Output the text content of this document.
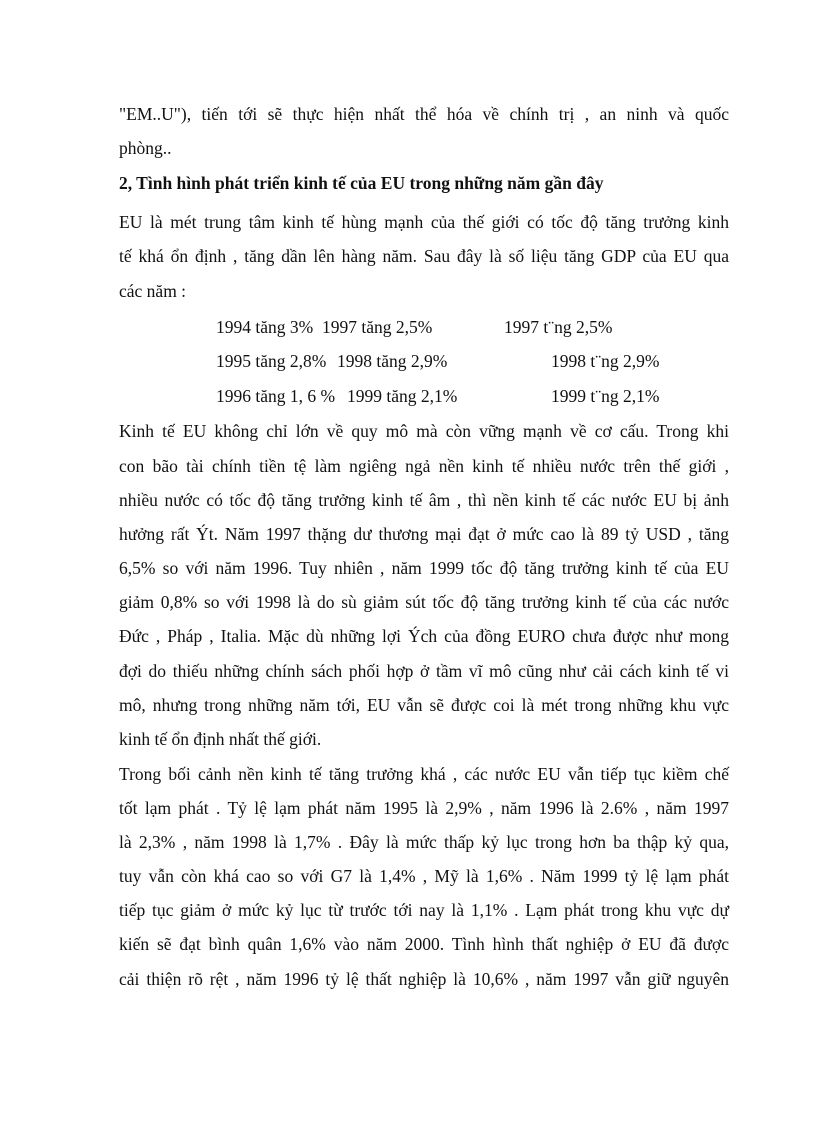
"EM..U"), tiến tới sẽ thực hiện nhất thể hóa về chính trị , an ninh và quốc
phòng..
2, Tình hình phát triển kinh tế của EU trong những năm gần đây
EU là mét trung tâm kinh tế hùng mạnh của thế giới có tốc độ tăng trưởng kinh
tế khá ổn định , tăng dần lên hàng năm. Sau đây là số liệu tăng GDP của EU qua
các năm :
1994 tăng 3% 1997 tăng 2,5%	1997 t¨ng 2,5%
1995 tăng 2,8% 1998 tăng 2,9%	1998 t¨ng 2,9%
1996 tăng 1, 6 % 1999 tăng 2,1%	1999 t¨ng 2,1%
Kinh tế EU không chỉ lớn về quy mô mà còn vững mạnh về cơ cấu. Trong khi
con bão tài chính tiền tệ làm ngiêng ngả nền kinh tế nhiều nước trên thế giới ,
nhiều nước có tốc độ tăng trưởng kinh tế âm , thì nền kinh tế các nước EU bị ảnh
hưởng rất Ýt. Năm 1997 thặng dư thương mại đạt ở mức cao là 89 tỷ USD , tăng
6,5% so với năm 1996. Tuy nhiên , năm 1999 tốc độ tăng trưởng kinh tế của EU
giảm 0,8% so với 1998 là do sù giảm sút tốc độ tăng trưởng kinh tế của các nước
Đức , Pháp , Italia. Mặc dù những lợi Ých của đồng EURO chưa được như mong
đợi do thiếu những chính sách phối hợp ở tầm vĩ mô cũng như cải cách kinh tế vi
mô, nhưng trong những năm tới, EU vẫn sẽ được coi là mét trong những khu vực
kinh tế ổn định nhất thế giới.
Trong bối cảnh nền kinh tế tăng trưởng khá , các nước EU vẫn tiếp tục kiềm chế
tốt lạm phát . Tỷ lệ lạm phát năm 1995 là 2,9% , năm 1996 là 2.6% , năm 1997
là 2,3% , năm 1998 là 1,7% . Đây là mức thấp kỷ lục trong hơn ba thập kỷ qua,
tuy vẫn còn khá cao so với G7 là 1,4% , Mỹ là 1,6% . Năm 1999 tỷ lệ lạm phát
tiếp tục giảm ở mức kỷ lục từ trước tới nay là 1,1% . Lạm phát trong khu vực dự
kiến sẽ đạt bình quân 1,6% vào năm 2000. Tình hình thất nghiệp ở EU đã được
cải thiện rõ rệt , năm 1996 tỷ lệ thất nghiệp là 10,6% , năm 1997 vẫn giữ nguyên
